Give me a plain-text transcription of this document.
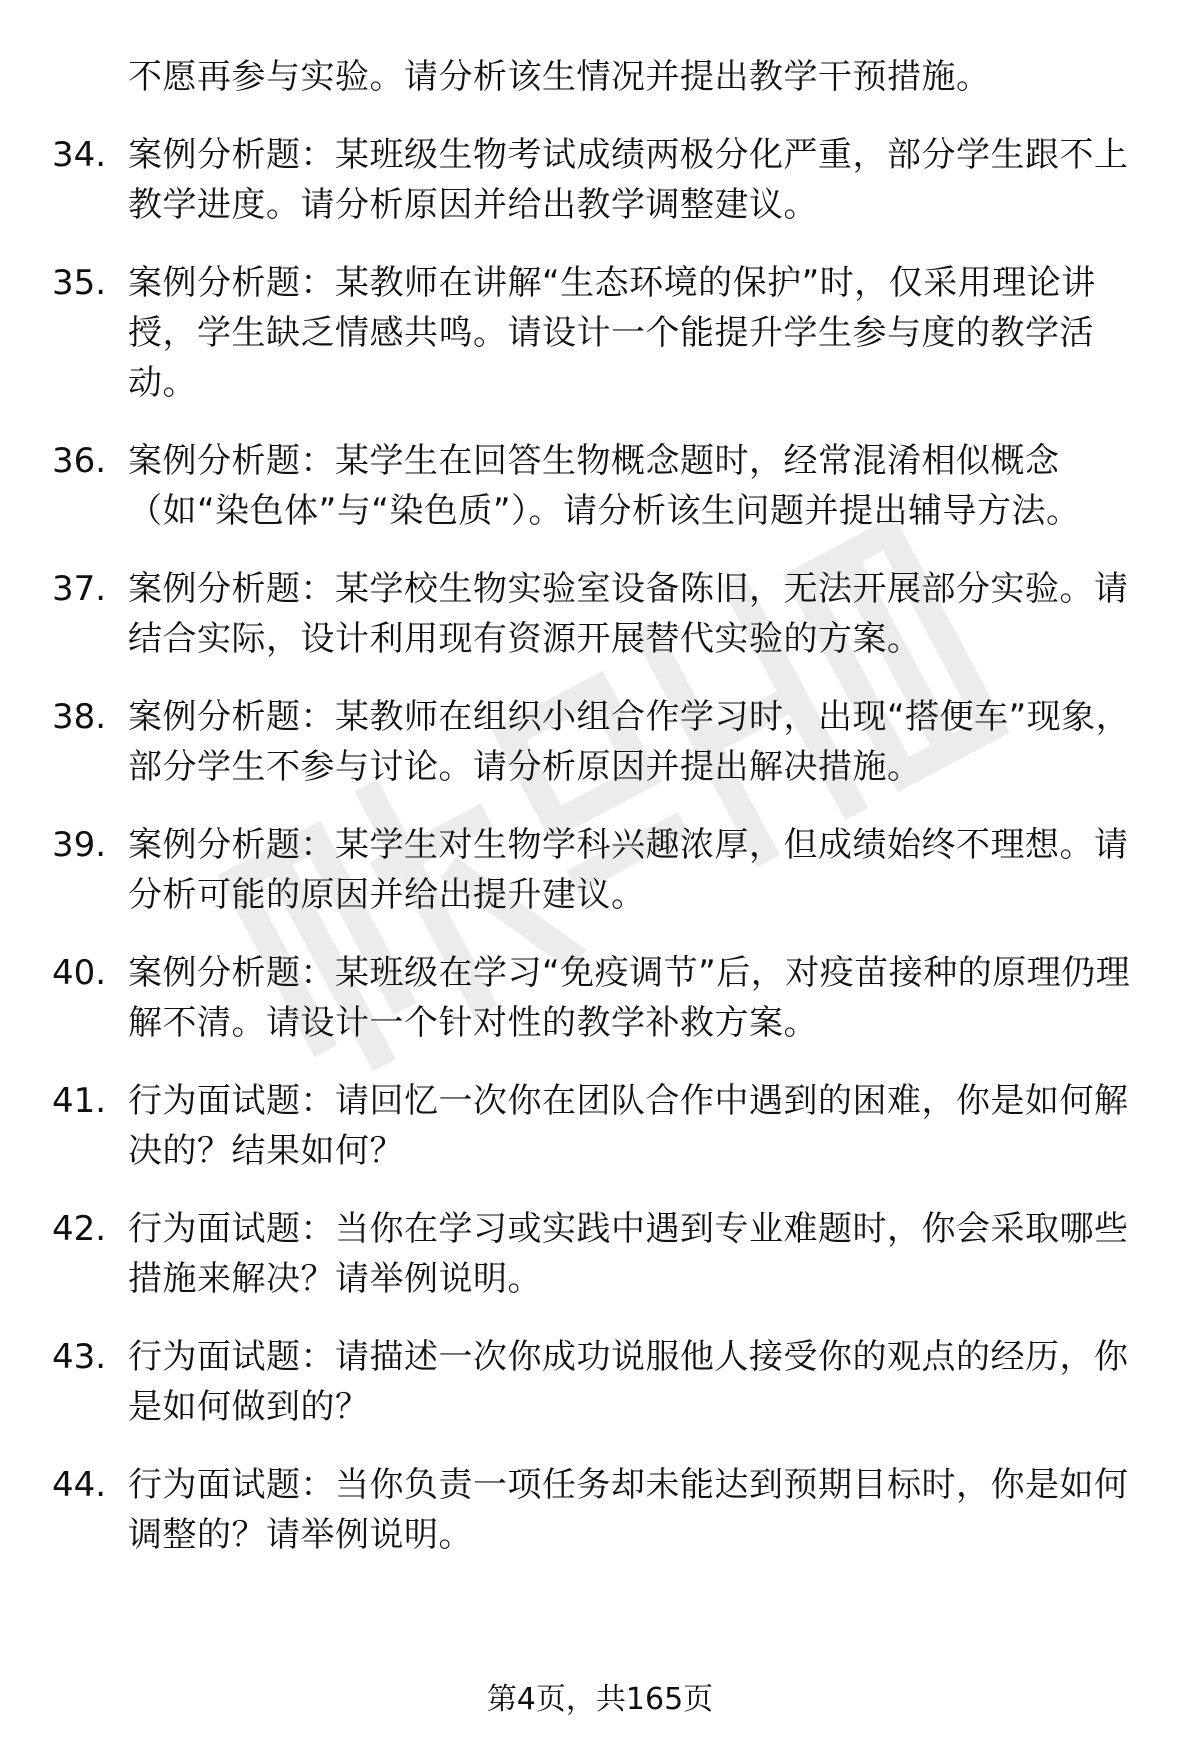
不愿再参与实验。请分析该生情况并提出教学干预措施。
34. 案例分析题：某班级生物考试成绩两极分化严重，部分学生跟不上教学进度。请分析原因并给出教学调整建议。
35. 案例分析题：某教师在讲解“生态环境的保护”时，仅采用理论讲授，学生缺乏情感共鸣。请设计一个能提升学生参与度的教学活动。
36. 案例分析题：某学生在回答生物概念题时，经常混淆相似概念（如“染色体”与“染色质”）。请分析该生问题并提出辅导方法。
37. 案例分析题：某学校生物实验室设备陈旧，无法开展部分实验。请结合实际，设计利用现有资源开展替代实验的方案。
38. 案例分析题：某教师在组织小组合作学习时，出现“搭便车”现象，部分学生不参与讨论。请分析原因并提出解决措施。
39. 案例分析题：某学生对生物学科兴趣浓厚，但成绩始终不理想。请分析可能的原因并给出提升建议。
40. 案例分析题：某班级在学习“免疫调节”后，对疫苗接种的原理仍理解不清。请设计一个针对性的教学补救方案。
41. 行为面试题：请回忆一次你在团队合作中遇到的困难，你是如何解决的？结果如何？
42. 行为面试题：当你在学习或实践中遇到专业难题时，你会采取哪些措施来解决？请举例说明。
43. 行为面试题：请描述一次你成功说服他人接受你的观点的经历，你是如何做到的？
44. 行为面试题：当你负责一项任务却未能达到预期目标时，你是如何调整的？请举例说明。
第4页，共165页
